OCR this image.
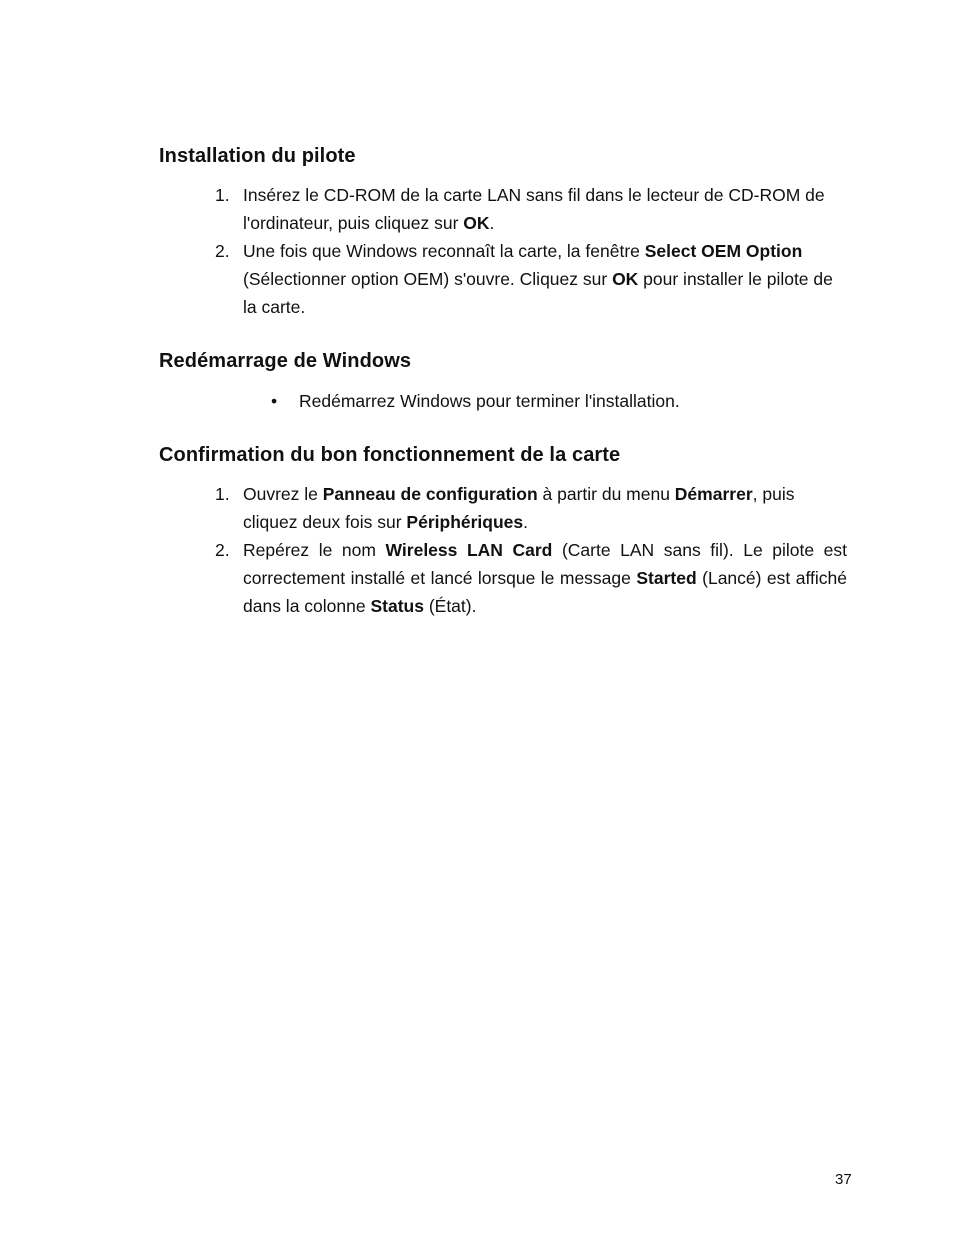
Installation du pilote
1. Insérez le CD-ROM de la carte LAN sans fil dans le lecteur de CD-ROM de l'ordinateur, puis cliquez sur OK.
2. Une fois que Windows reconnaît la carte, la fenêtre Select OEM Option (Sélectionner option OEM) s'ouvre. Cliquez sur OK pour installer le pilote de la carte.
Redémarrage de Windows
• Redémarrez Windows pour terminer l'installation.
Confirmation du bon fonctionnement de la carte
1. Ouvrez le Panneau de configuration à partir du menu Démarrer, puis cliquez deux fois sur Périphériques.
2. Repérez le nom Wireless LAN Card (Carte LAN sans fil). Le pilote est correctement installé et lancé lorsque le message Started (Lancé) est affiché dans la colonne Status (État).
37
